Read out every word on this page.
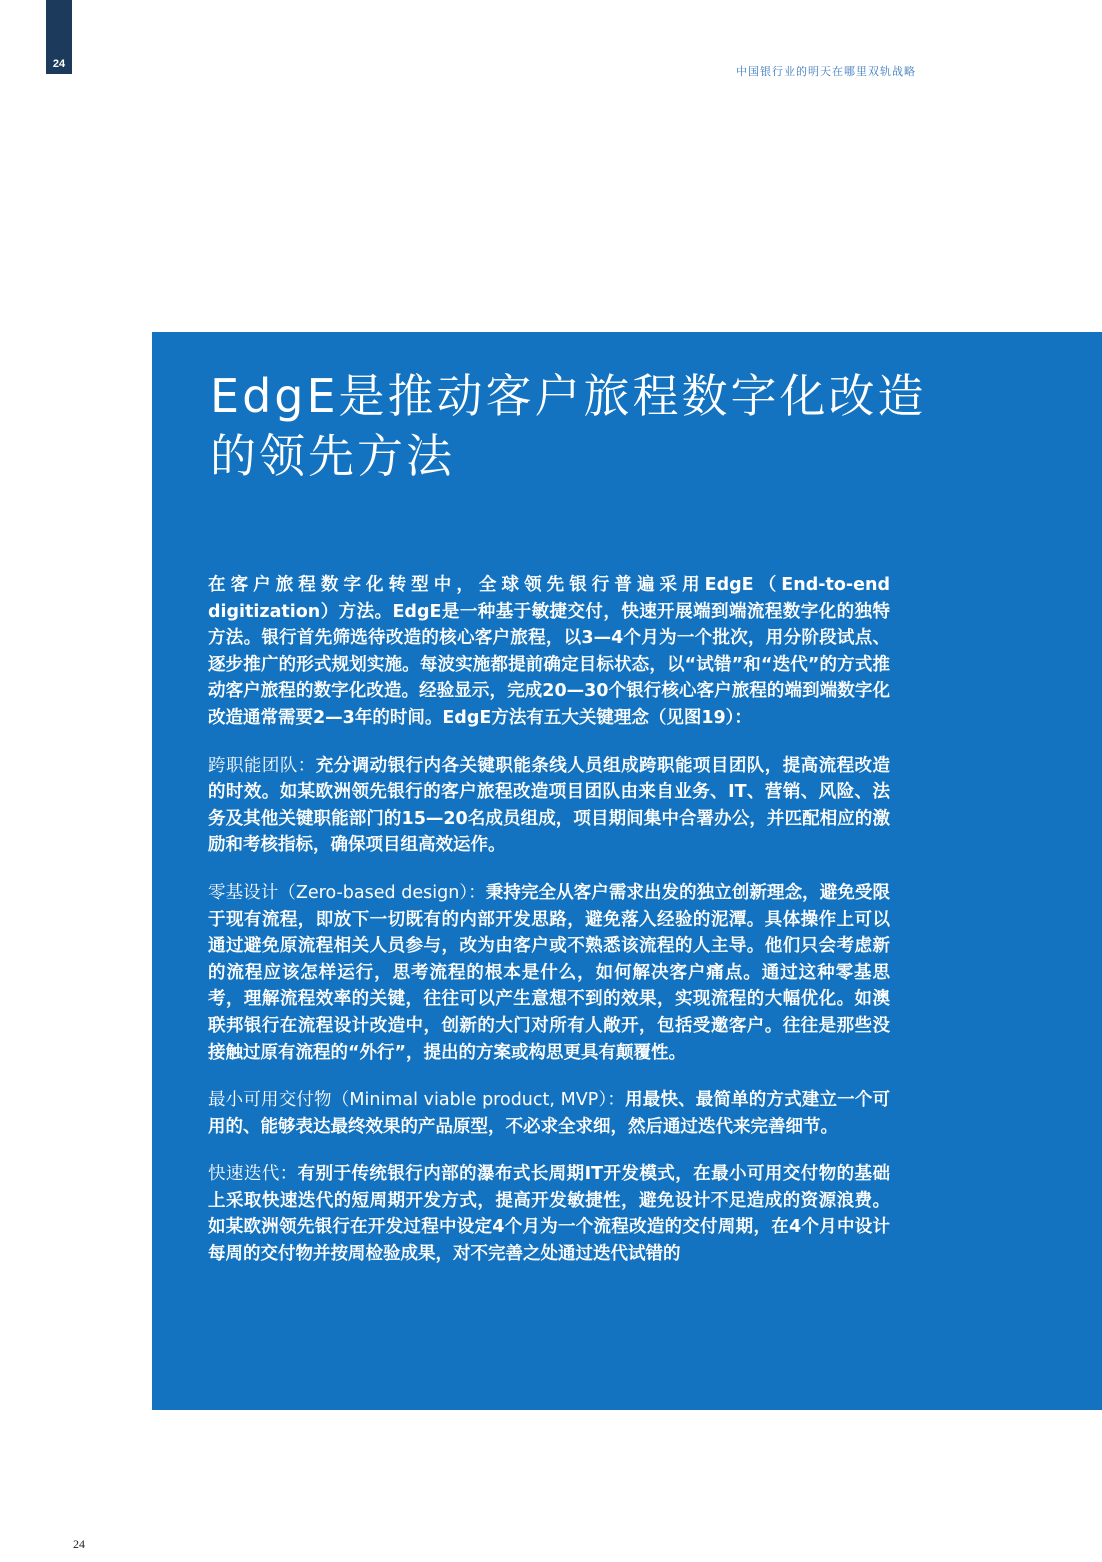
24
中国银行业的明天在哪里双轨战略
EdgE是推动客户旅程数字化改造的领先方法

在客户旅程数字化转型中，全球领先银行普遍采用EdgE（End-to-end digitization）方法。EdgE是一种基于敏捷交付，快速开展端到端流程数字化的独特方法。银行首先筛选待改造的核心客户旅程，以3—4个月为一个批次，用分阶段试点、逐步推广的形式规划实施。每波实施都提前确定目标状态，以“试错”和“迭代”的方式推动客户旅程的数字化改造。经验显示，完成20—30个银行核心客户旅程的端到端数字化改造通常需要2—3年的时间。EdgE方法有五大关键理念（见图19）：

跨职能团队：充分调动银行内各关键职能条线人员组成跨职能项目团队，提高流程改造的时效。如某欧洲领先银行的客户旅程改造项目团队由来自业务、IT、营销、风险、法务及其他关键职能部门的15—20名成员组成，项目期间集中合署办公，并匹配相应的激励和考核指标，确保项目组高效运作。

零基设计（Zero-based design）：秉持完全从客户需求出发的独立创新理念，避免受限于现有流程，即放下一切既有的内部开发思路，避免落入经验的泥潭。具体操作上可以通过避免原流程相关人员参与，改为由客户或不熟悉该流程的人主导。他们只会考虑新的流程应该怎样运行，思考流程的根本是什么，如何解决客户痛点。通过这种零基思考，理解流程效率的关键，往往可以产生意想不到的效果，实现流程的大幅优化。如澳联邦银行在流程设计改造中，创新的大门对所有人敞开，包括受邀客户。往往是那些没接触过原有流程的“外行”，提出的方案或构思更具有颠覆性。

最小可用交付物（Minimal viable product, MVP）：用最快、最简单的方式建立一个可用的、能够表达最终效果的产品原型，不必求全求细，然后通过迭代来完善细节。

快速迭代：有别于传统银行内部的瀑布式长周期IT开发模式，在最小可用交付物的基础上采取快速迭代的短周期开发方式，提高开发敏捷性，避免设计不足造成的资源浪费。如某欧洲领先银行在开发过程中设定4个月为一个流程改造的交付周期，在4个月中设计每周的交付物并按周检验成果，对不完善之处通过迭代试错的

24
